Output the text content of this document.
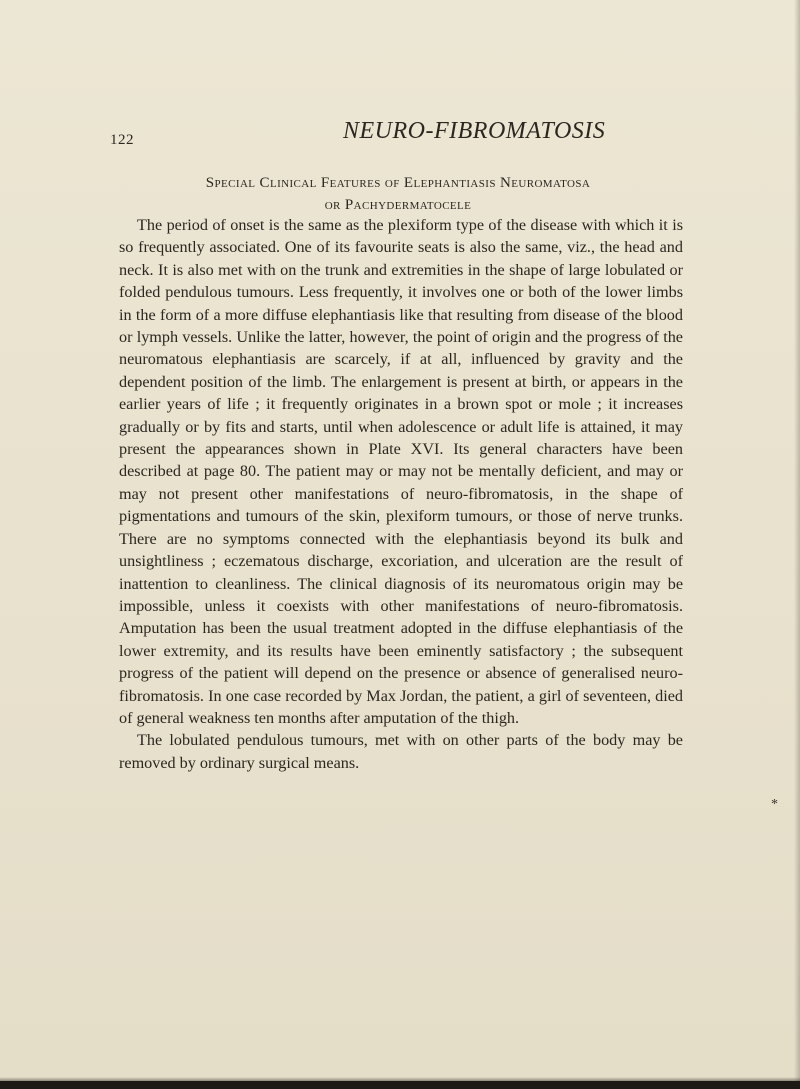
122	NEURO-FIBROMATOSIS
Special Clinical Features of Elephantiasis Neuromatosa
or Pachydermatocele

The period of onset is the same as the plexiform type of the disease with which it is so frequently associated. One of its favourite seats is also the same, viz., the head and neck. It is also met with on the trunk and extremities in the shape of large lobulated or folded pendulous tumours. Less frequently, it involves one or both of the lower limbs in the form of a more diffuse elephantiasis like that resulting from disease of the blood or lymph vessels. Unlike the latter, however, the point of origin and the progress of the neuromatous elephantiasis are scarcely, if at all, influenced by gravity and the dependent position of the limb. The enlargement is present at birth, or appears in the earlier years of life ; it frequently originates in a brown spot or mole ; it increases gradually or by fits and starts, until when adolescence or adult life is attained, it may present the appearances shown in Plate XVI. Its general characters have been described at page 80. The patient may or may not be mentally deficient, and may or may not present other manifestations of neuro-fibromatosis, in the shape of pigmentations and tumours of the skin, plexiform tumours, or those of nerve trunks. There are no symptoms connected with the elephantiasis beyond its bulk and unsightliness ; eczematous discharge, excoriation, and ulceration are the result of inattention to cleanliness. The clinical diagnosis of its neuromatous origin may be impossible, unless it coexists with other manifestations of neuro-fibromatosis. Amputation has been the usual treatment adopted in the diffuse elephantiasis of the lower extremity, and its results have been eminently satisfactory ; the subsequent progress of the patient will depend on the presence or absence of generalised neuro-fibromatosis. In one case recorded by Max Jordan, the patient, a girl of seventeen, died of general weakness ten months after amputation of the thigh.

The lobulated pendulous tumours, met with on other parts of the body may be removed by ordinary surgical means.

*
